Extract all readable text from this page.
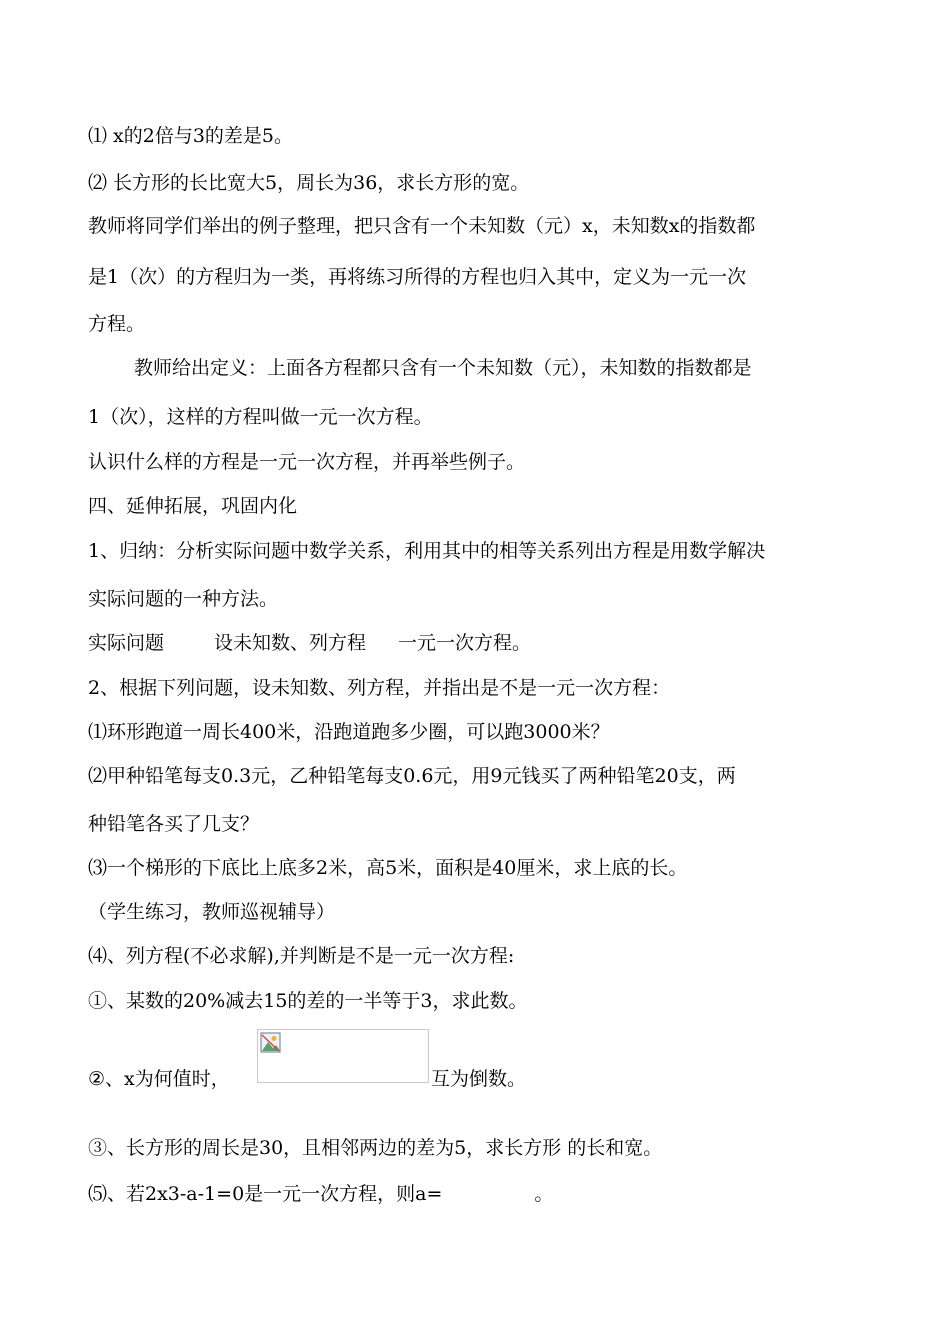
⑴ x的2倍与3的差是5。
⑵ 长方形的长比宽大5，周长为36，求长方形的宽。
教师将同学们举出的例子整理，把只含有一个未知数（元）x，未知数x的指数都
是1（次）的方程归为一类，再将练习所得的方程也归入其中，定义为一元一次
方程。
教师给出定义：上面各方程都只含有一个未知数（元），未知数的指数都是
1（次），这样的方程叫做一元一次方程。
认识什么样的方程是一元一次方程，并再举些例子。
四、延伸拓展，巩固内化
1、归纳：分析实际问题中数学关系，利用其中的相等关系列出方程是用数学解决
实际问题的一种方法。
实际问题	设未知数、列方程 一元一次方程。
2、根据下列问题，设未知数、列方程，并指出是不是一元一次方程：
⑴环形跑道一周长400米，沿跑道跑多少圈，可以跑3000米？
⑵甲种铅笔每支0.3元，乙种铅笔每支0.6元，用9元钱买了两种铅笔20支，两
种铅笔各买了几支？
⑶一个梯形的下底比上底多2米，高5米，面积是40厘米，求上底的长。
（学生练习，教师巡视辅导）
⑷、列方程(不必求解),并判断是不是一元一次方程:
①、某数的20%减去15的差的一半等于3，求此数。
②、x为何值时，	互为倒数。
③、长方形的周长是30，且相邻两边的差为5，求长方形 的长和宽。
⑸、若2x3-a-1=0是一元一次方程，则a=	。
